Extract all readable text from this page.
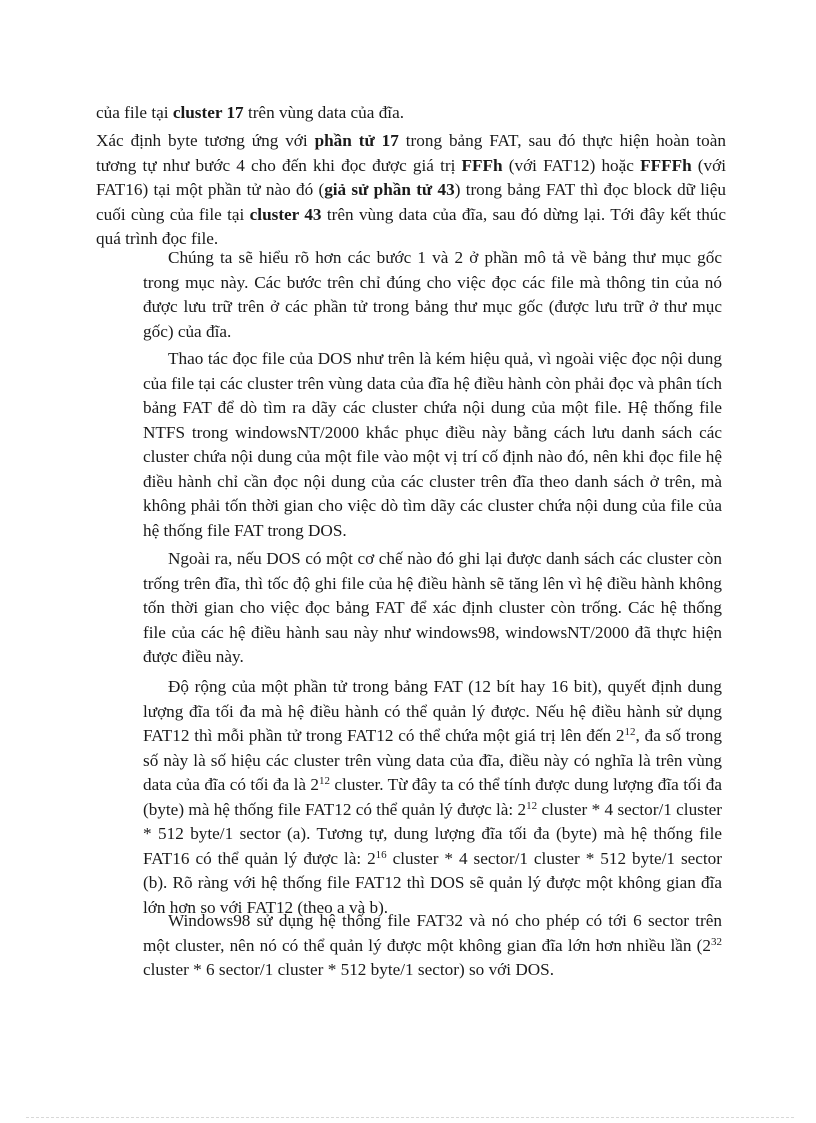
của file tại cluster 17 trên vùng data của đĩa.

Xác định byte tương ứng với phần tử 17 trong bảng FAT, sau đó thực hiện hoàn toàn tương tự như bước 4 cho đến khi đọc được giá trị FFFh (với FAT12) hoặc FFFFh (với FAT16) tại một phần tử nào đó (giả sử phần tử 43) trong bảng FAT thì đọc block dữ liệu cuối cùng của file tại cluster 43 trên vùng data của đĩa, sau đó dừng lại. Tới đây kết thúc quá trình đọc file.

Chúng ta sẽ hiểu rõ hơn các bước 1 và 2 ở phần mô tả về bảng thư mục gốc trong mục này. Các bước trên chỉ đúng cho việc đọc các file mà thông tin của nó được lưu trữ trên ở các phần tử trong bảng thư mục gốc (được lưu trữ ở thư mục gốc) của đĩa.

Thao tác đọc file của DOS như trên là kém hiệu quả, vì ngoài việc đọc nội dung của file tại các cluster trên vùng data của đĩa hệ điều hành còn phải đọc và phân tích bảng FAT để dò tìm ra dãy các cluster chứa nội dung của một file. Hệ thống file NTFS trong windowsNT/2000 khắc phục điều này bằng cách lưu danh sách các cluster chứa nội dung của một file vào một vị trí cố định nào đó, nên khi đọc file hệ điều hành chỉ cần đọc nội dung của các cluster trên đĩa theo danh sách ở trên, mà không phải tốn thời gian cho việc dò tìm dãy các cluster chứa nội dung của file của hệ thống file FAT trong DOS.

Ngoài ra, nếu DOS có một cơ chế nào đó ghi lại được danh sách các cluster còn trống trên đĩa, thì tốc độ ghi file của hệ điều hành sẽ tăng lên vì hệ điều hành không tốn thời gian cho việc đọc bảng FAT để xác định cluster còn trống. Các hệ thống file của các hệ điều hành sau này như windows98, windowsNT/2000 đã thực hiện được điều này.

Độ rộng của một phần tử trong bảng FAT (12 bít hay 16 bit), quyết định dung lượng đĩa tối đa mà hệ điều hành có thể quản lý được. Nếu hệ điều hành sử dụng FAT12 thì mỗi phần tử trong FAT12 có thể chứa một giá trị lên đến $2^{12}$, đa số trong số này là số hiệu các cluster trên vùng data của đĩa, điều này có nghĩa là trên vùng data của đĩa có tối đa là $2^{12}$ cluster. Từ đây ta có thể tính được dung lượng đĩa tối đa (byte) mà hệ thống file FAT12 có thể quản lý được là: $2^{12}$ cluster * 4 sector/1 cluster * 512 byte/1 sector (a). Tương tự, dung lượng đĩa tối đa (byte) mà hệ thống file FAT16 có thể quản lý được là: $2^{16}$ cluster * 4 sector/1 cluster * 512 byte/1 sector (b). Rõ ràng với hệ thống file FAT12 thì DOS sẽ quản lý được một không gian đĩa lớn hơn so với FAT12 (theo a và b).

Windows98 sử dụng hệ thống file FAT32 và nó cho phép có tới 6 sector trên một cluster, nên nó có thể quản lý được một không gian đĩa lớn hơn nhiều lần ($2^{32}$ cluster * 6 sector/1 cluster * 512 byte/1 sector) so với DOS.
